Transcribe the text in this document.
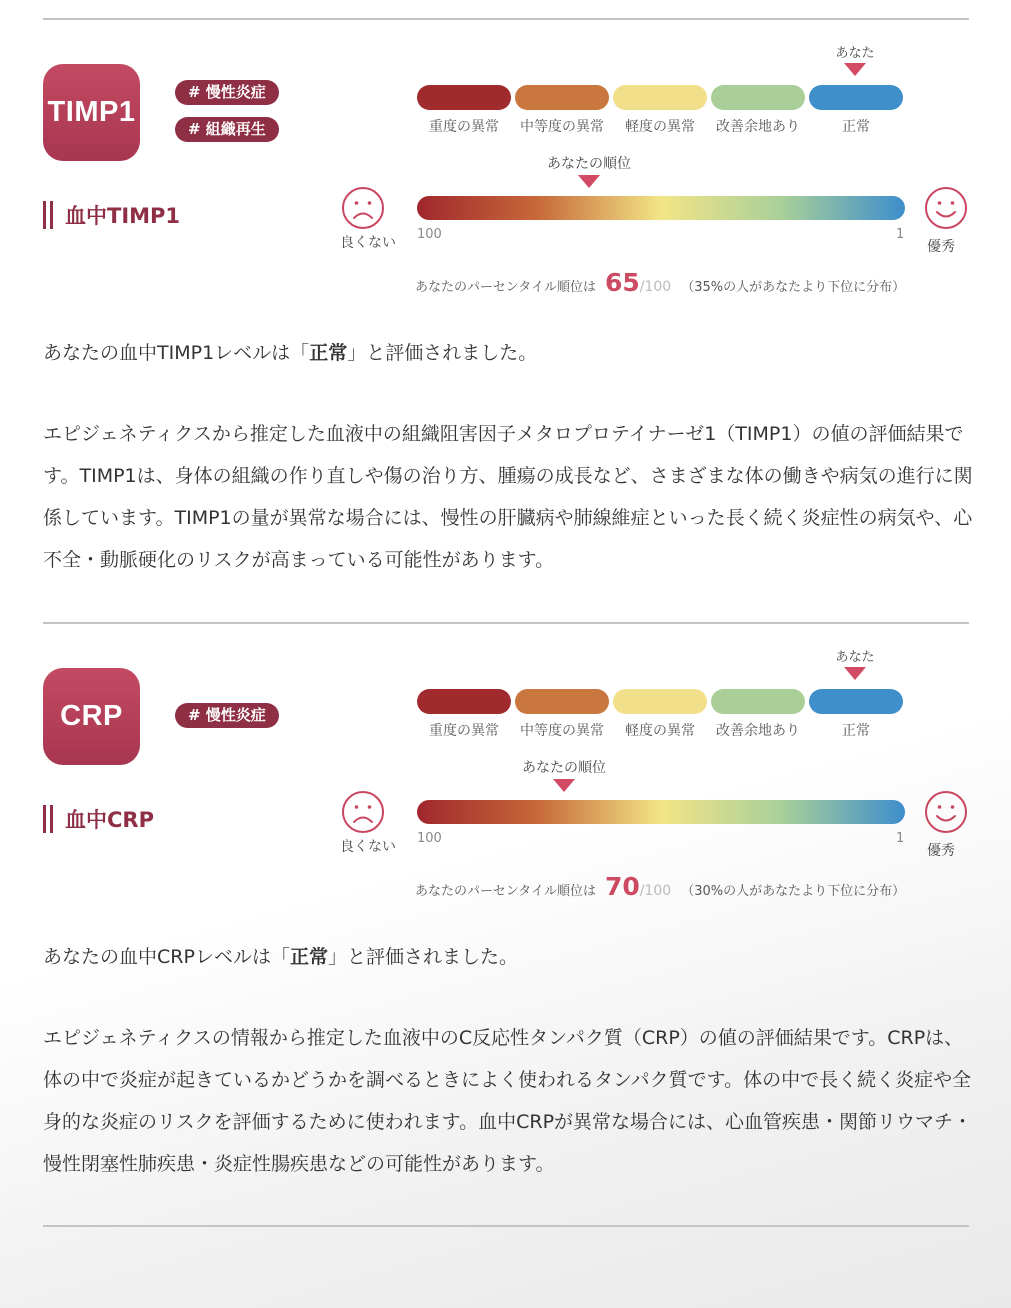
TIMP1
# 慢性炎症
# 組織再生
血中TIMP1
あなた
重度の異常	中等度の異常	軽度の異常	改善余地あり	正常
あなたの順位
良くない
100	1
優秀
あなたのパーセンタイル順位は 65 /100 （35%の人があなたより下位に分布）
あなたの血中TIMP1レベルは「正常」と評価されました。
エピジェネティクスから推定した血液中の組織阻害因子メタロプロテイナーゼ1（TIMP1）の値の評価結果です。TIMP1は、身体の組織の作り直しや傷の治り方、腫瘍の成長など、さまざまな体の働きや病気の進行に関係しています。TIMP1の量が異常な場合には、慢性の肝臓病や肺線維症といった長く続く炎症性の病気や、心不全・動脈硬化のリスクが高まっている可能性があります。
CRP	# 慢性炎症
血中CRP
あなた
重度の異常	中等度の異常	軽度の異常	改善余地あり	正常
あなたの順位
良くない
100	1
優秀
あなたのパーセンタイル順位は 70 /100 （30%の人があなたより下位に分布）
あなたの血中CRPレベルは「正常」と評価されました。
エピジェネティクスの情報から推定した血液中のC反応性タンパク質（CRP）の値の評価結果です。CRPは、体の中で炎症が起きているかどうかを調べるときによく使われるタンパク質です。体の中で長く続く炎症や全身的な炎症のリスクを評価するために使われます。血中CRPが異常な場合には、心血管疾患・関節リウマチ・慢性閉塞性肺疾患・炎症性腸疾患などの可能性があります。
